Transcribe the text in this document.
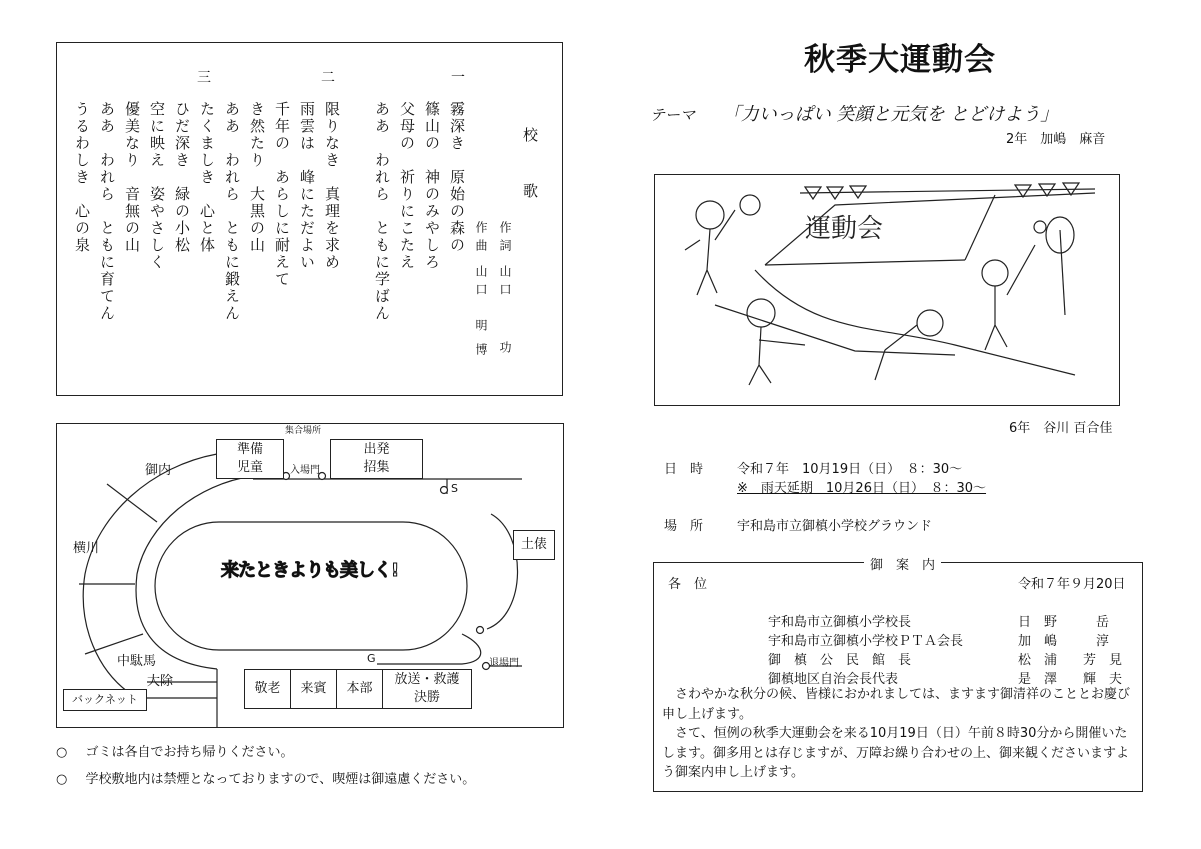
一
二
三
校
歌
作詞
山口
功
作曲
山口
明博
霧深き　原始の森の
篠山の　神のみやしろ
父母の　祈りにこたえ
ああ　われら　ともに学ばん
限りなき　真理を求め
雨雲は　峰にただよい
千年の　あらしに耐えて
き然たり　大黒の山
ああ　われら　ともに鍛えん
たくましき　心と体
ひだ深き　緑の小松
空に映え　姿やさしく
優美なり　音無の山
ああ　われら　ともに育てん
うるわしき　心の泉
集合場所
準備
児童	入場門
出発
招集
御内
S
土俵
横川
来たときよりも美しく!
中駄馬
大除
バックネット
G	退場門
敬老 来賓 本部
放送・救護
決勝
○ ゴミは各自でお持ち帰りください。
○ 学校敷地内は禁煙となっておりますので、喫煙は御遠慮ください。
秋季大運動会
テーマ 「力いっぱい 笑顔と元気を とどけよう」
2年　加嶋　麻音
運動会
6年　谷川 百合佳
日　時	令和７年　10月19日（日）　８：30～
※　雨天延期　10月26日（日）　８：30～
場　所	宇和島市立御槙小学校グラウンド
御　案　内
各　位	令和７年９月20日
宇和島市立御槙小学校長	日　野　　　岳
宇和島市立御槙小学校ＰＴＡ会長	加　嶋　　　淳
御　槙　公　民　館　長	松　浦　　芳　見
御槙地区自治会長代表	是　澤　　輝　夫
　さわやかな秋分の候、皆様におかれましては、ますます御清祥のこととお慶び申し上げます。
　さて、恒例の秋季大運動会を来る10月19日（日）午前８時30分から開催いたします。御多用とは存じますが、万障お繰り合わせの上、御来観くださいますよう御案内申し上げます。
